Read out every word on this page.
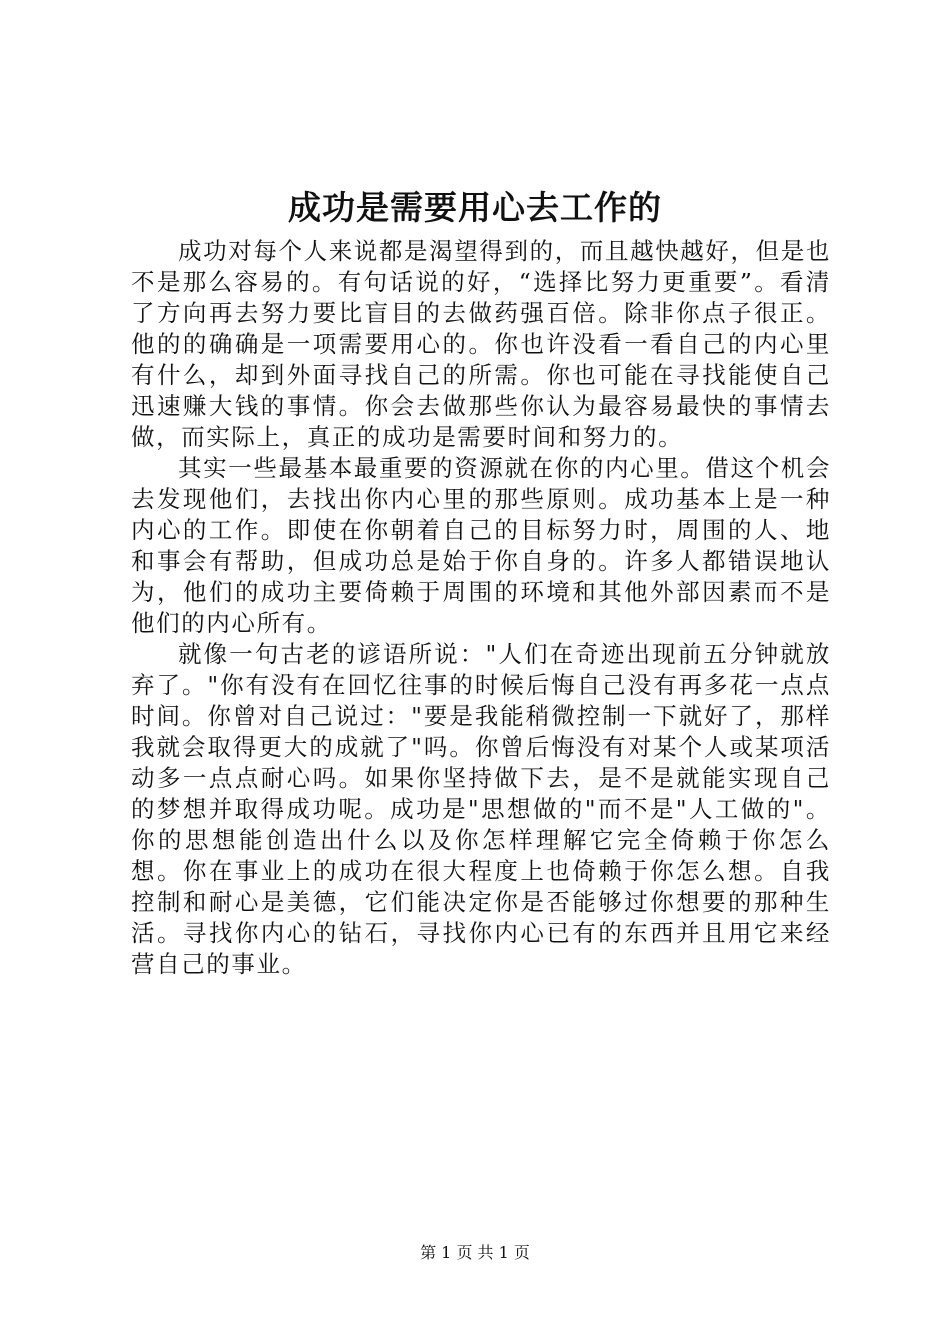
成功是需要用心去工作的

成功对每个人来说都是渴望得到的，而且越快越好，但是也不是那么容易的。有句话说的好，“选择比努力更重要”。看清了方向再去努力要比盲目的去做药强百倍。除非你点子很正。他的的确确是一项需要用心的。你也许没看一看自己的内心里有什么，却到外面寻找自己的所需。你也可能在寻找能使自己迅速赚大钱的事情。你会去做那些你认为最容易最快的事情去做，而实际上，真正的成功是需要时间和努力的。

其实一些最基本最重要的资源就在你的内心里。借这个机会去发现他们，去找出你内心里的那些原则。成功基本上是一种内心的工作。即使在你朝着自己的目标努力时，周围的人、地和事会有帮助，但成功总是始于你自身的。许多人都错误地认为，他们的成功主要倚赖于周围的环境和其他外部因素而不是他们的内心所有。

就像一句古老的谚语所说："人们在奇迹出现前五分钟就放弃了。"你有没有在回忆往事的时候后悔自己没有再多花一点点时间。你曾对自己说过："要是我能稍微控制一下就好了，那样我就会取得更大的成就了"吗。你曾后悔没有对某个人或某项活动多一点点耐心吗。如果你坚持做下去，是不是就能实现自己的梦想并取得成功呢。成功是"思想做的"而不是"人工做的"。你的思想能创造出什么以及你怎样理解它完全倚赖于你怎么想。你在事业上的成功在很大程度上也倚赖于你怎么想。自我控制和耐心是美德，它们能决定你是否能够过你想要的那种生活。寻找你内心的钻石，寻找你内心已有的东西并且用它来经营自己的事业。

第 1 页 共 1 页
